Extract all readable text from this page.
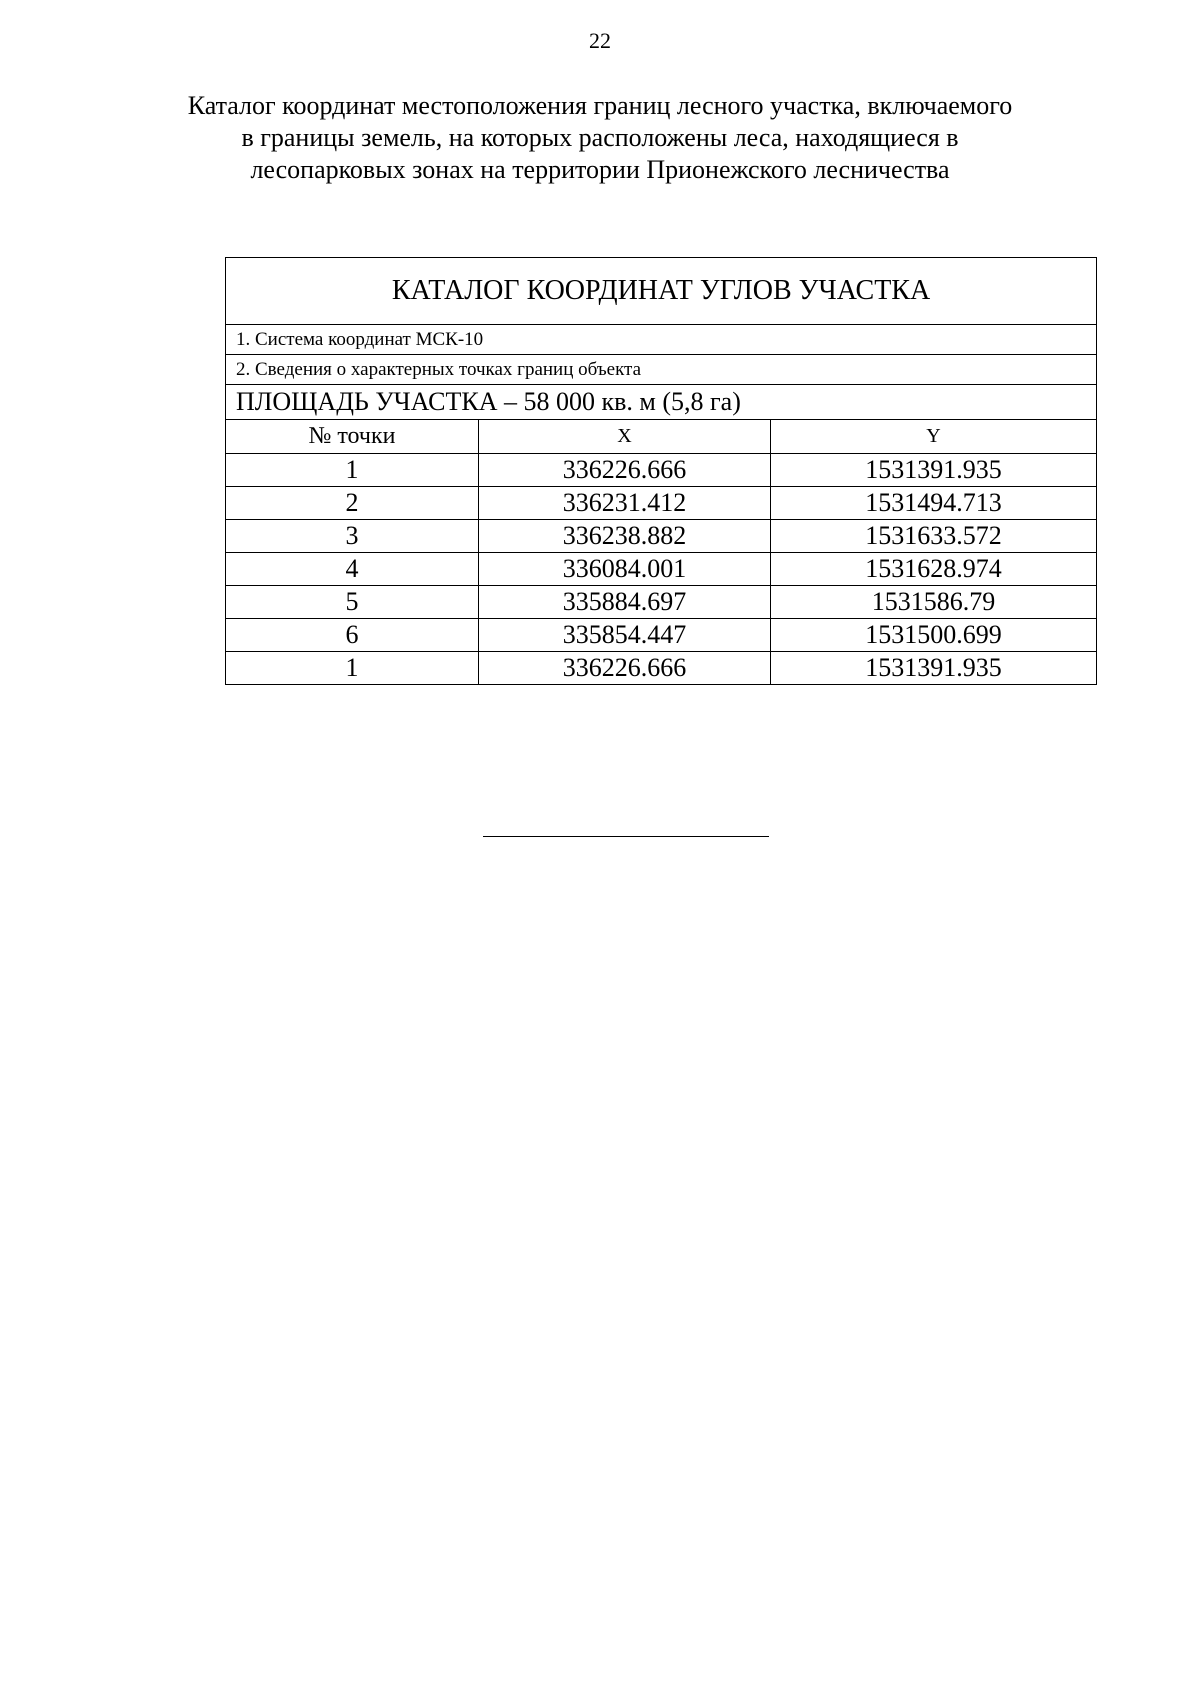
22
Каталог координат местоположения границ лесного участка, включаемого
в границы земель, на которых расположены леса, находящиеся в
лесопарковых зонах на территории Прионежского лесничества
КАТАЛОГ КООРДИНАТ УГЛОВ УЧАСТКА		
1. Система координат МСК-10		
2. Сведения о характерных точках границ объекта		
ПЛОЩАДЬ УЧАСТКА – 58 000 кв. м (5,8 га)		
№ точки	X	Y
1	336226.666	1531391.935
2	336231.412	1531494.713
3	336238.882	1531633.572
4	336084.001	1531628.974
5	335884.697	1531586.79
6	335854.447	1531500.699
1	336226.666	1531391.935
